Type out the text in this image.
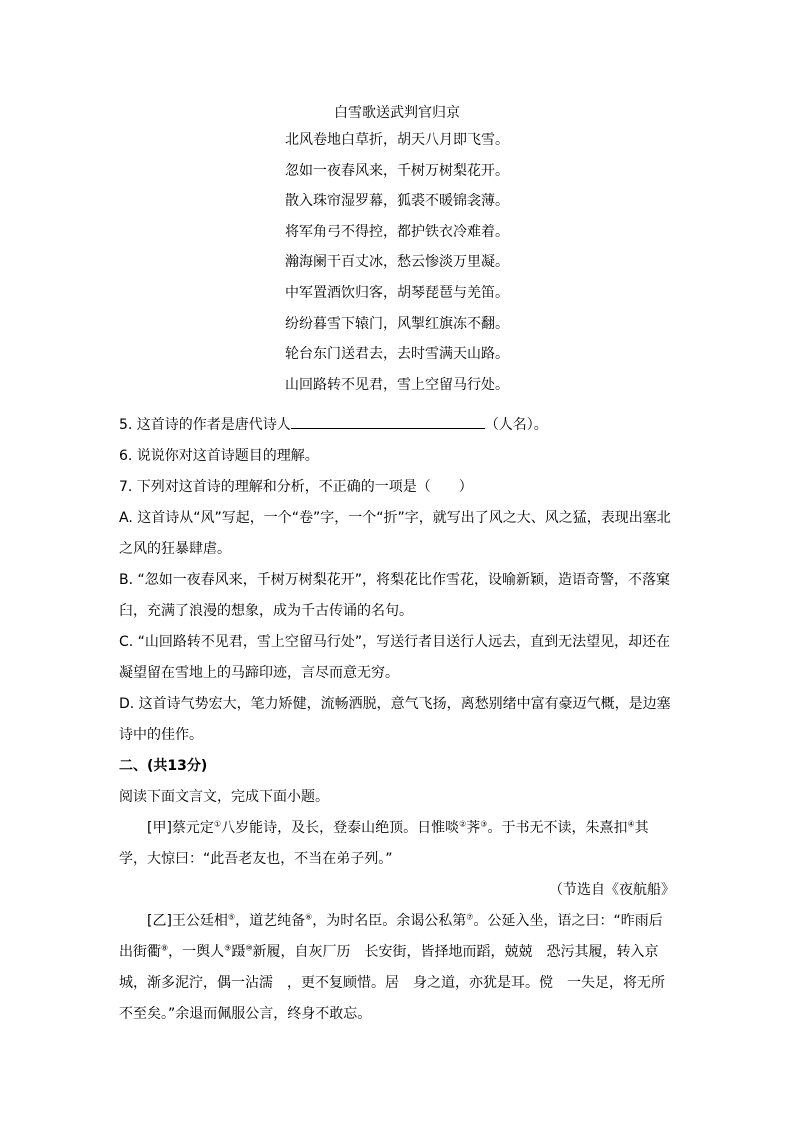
白雪歌送武判官归京
北风卷地白草折，胡天八月即飞雪。
忽如一夜春风来，千树万树梨花开。
散入珠帘湿罗幕，狐裘不暖锦衾薄。
将军角弓不得控，都护铁衣冷难着。
瀚海阑干百丈冰，愁云惨淡万里凝。
中军置酒饮归客，胡琴琵琶与羌笛。
纷纷暮雪下辕门，风掣红旗冻不翻。
轮台东门送君去，去时雪满天山路。
山回路转不见君，雪上空留马行处。

5. 这首诗的作者是唐代诗人	（人名）。

6. 说说你对这首诗题目的理解。

7. 下列对这首诗的理解和分析，不正确的一项是（　　）

A. 这首诗从“风”写起，一个“卷”字，一个“折”字，就写出了风之大、风之猛，表现出塞北之风的狂暴肆虐。

B. “忽如一夜春风来，千树万树梨花开”，将梨花比作雪花，设喻新颖，造语奇警，不落窠臼，充满了浪漫的想象，成为千古传诵的名句。

C. “山回路转不见君，雪上空留马行处”，写送行者目送行人远去，直到无法望见，却还在凝望留在雪地上的马蹄印迹，言尽而意无穷。

D. 这首诗气势宏大，笔力矫健，流畅洒脱，意气飞扬，离愁别绪中富有豪迈气概，是边塞诗中的佳作。

二、(共13分)

阅读下面文言文，完成下面小题。

[甲]蔡元定①八岁能诗，及长，登泰山绝顶。日惟啖②荠③。于书无不读，朱熹扣④其学，大惊曰：“此吾老友也，不当在弟子列。”

（节选自《夜航船》

[乙]王公廷相⑤，道艺纯备⑥，为时名臣。余谒公私第⑦。公延入坐，语之曰：“昨雨后出街衢⑧，一舆人⑨蹑⑩新履，自灰厂历　长安街，皆择地而蹈，兢兢　恐污其履，转入京城，渐多泥泞，偶一沾濡　，更不复顾惜。居　身之道，亦犹是耳。傥　一失足，将无所不至矣。”余退而佩服公言，终身不敢忘。
